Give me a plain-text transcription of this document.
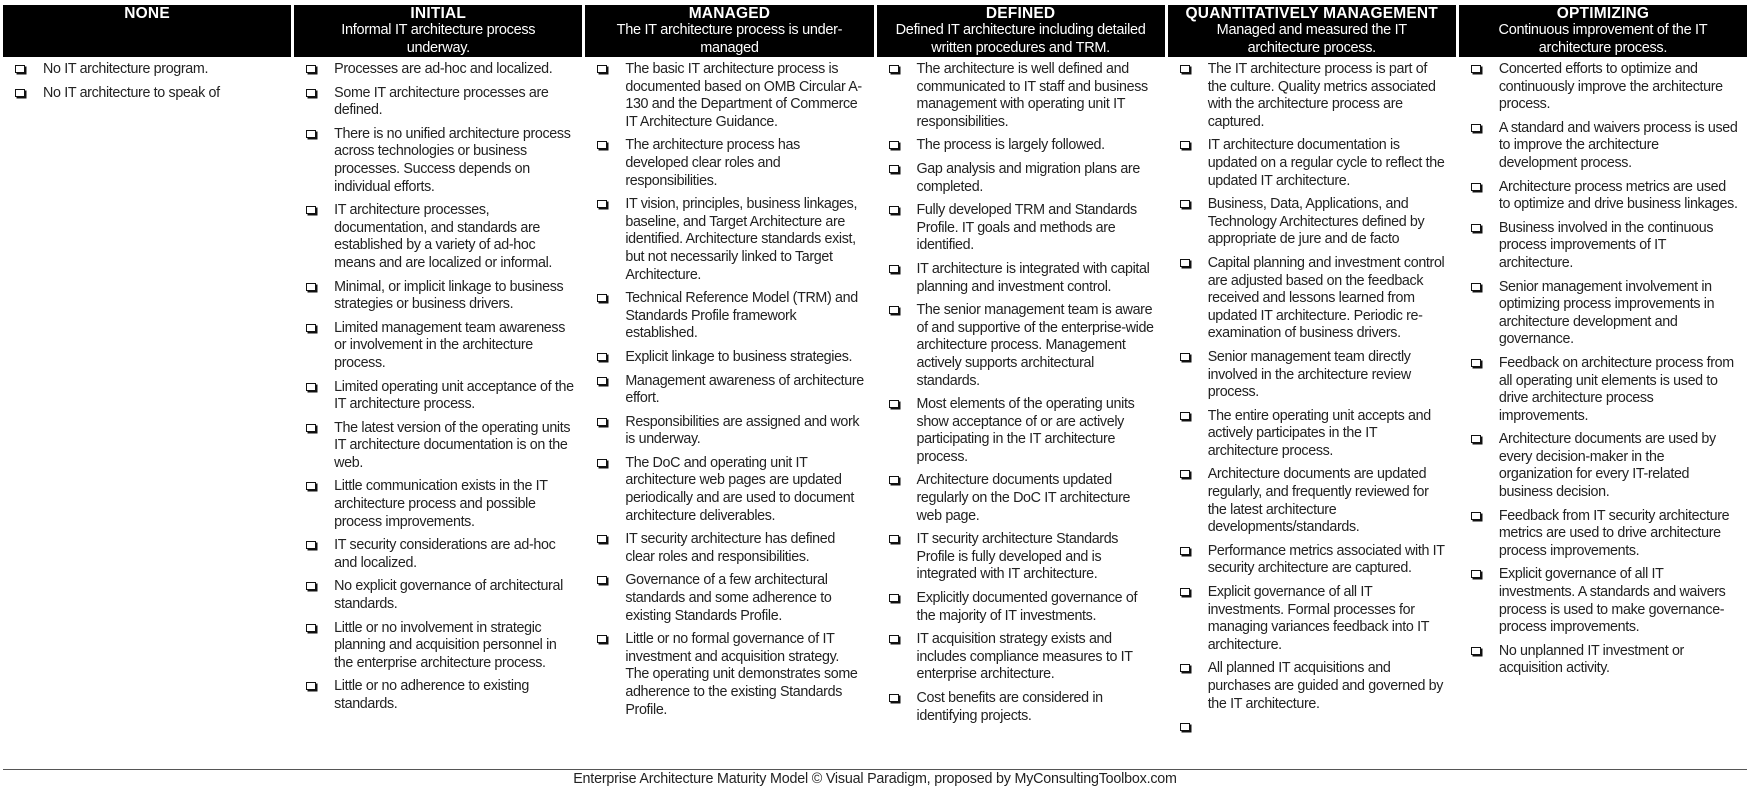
NONE
No IT architecture program.
No IT architecture to speak of
INITIAL
Informal IT architecture process underway.
Processes are ad-hoc and localized.
Some IT architecture processes are defined.
There is no unified architecture process across technologies or business processes. Success depends on individual efforts.
IT architecture processes, documentation, and standards are established by a variety of ad-hoc means and are localized or informal.
Minimal, or implicit linkage to business strategies or business drivers.
Limited management team awareness or involvement in the architecture process.
Limited operating unit acceptance of the IT architecture process.
The latest version of the operating units IT architecture documentation is on the web.
Little communication exists in the IT architecture process and possible process improvements.
IT security considerations are ad-hoc and localized.
No explicit governance of architectural standards.
Little or no involvement in strategic planning and acquisition personnel in the enterprise architecture process.
Little or no adherence to existing standards.
MANAGED
The IT architecture process is under-managed
The basic IT architecture process is documented based on OMB Circular A-130 and the Department of Commerce IT Architecture Guidance.
The architecture process has developed clear roles and responsibilities.
IT vision, principles, business linkages, baseline, and Target Architecture are identified. Architecture standards exist, but not necessarily linked to Target Architecture.
Technical Reference Model (TRM) and Standards Profile framework established.
Explicit linkage to business strategies.
Management awareness of architecture effort.
Responsibilities are assigned and work is underway.
The DoC and operating unit IT architecture web pages are updated periodically and are used to document architecture deliverables.
IT security architecture has defined clear roles and responsibilities.
Governance of a few architectural standards and some adherence to existing Standards Profile.
Little or no formal governance of IT investment and acquisition strategy. The operating unit demonstrates some adherence to the existing Standards Profile.
DEFINED
Defined IT architecture including detailed written procedures and TRM.
The architecture is well defined and communicated to IT staff and business management with operating unit IT responsibilities.
The process is largely followed.
Gap analysis and migration plans are completed.
Fully developed TRM and Standards Profile. IT goals and methods are identified.
IT architecture is integrated with capital planning and investment control.
The senior management team is aware of and supportive of the enterprise-wide architecture process. Management actively supports architectural standards.
Most elements of the operating units show acceptance of or are actively participating in the IT architecture process.
Architecture documents updated regularly on the DoC IT architecture web page.
IT security architecture Standards Profile is fully developed and is integrated with IT architecture.
Explicitly documented governance of the majority of IT investments.
IT acquisition strategy exists and includes compliance measures to IT enterprise architecture.
Cost benefits are considered in identifying projects.
QUANTITATIVELY MANAGEMENT
Managed and measured the IT architecture process.
The IT architecture process is part of the culture. Quality metrics associated with the architecture process are captured.
IT architecture documentation is updated on a regular cycle to reflect the updated IT architecture.
Business, Data, Applications, and Technology Architectures defined by appropriate de jure and de facto
Capital planning and investment control are adjusted based on the feedback received and lessons learned from updated IT architecture. Periodic re-examination of business drivers.
Senior management team directly involved in the architecture review process.
The entire operating unit accepts and actively participates in the IT architecture process.
Architecture documents are updated regularly, and frequently reviewed for the latest architecture developments/standards.
Performance metrics associated with IT security architecture are captured.
Explicit governance of all IT investments. Formal processes for managing variances feedback into IT architecture.
All planned IT acquisitions and purchases are guided and governed by the IT architecture.
OPTIMIZING
Continuous improvement of the IT architecture process.
Concerted efforts to optimize and continuously improve the architecture process.
A standard and waivers process is used to improve the architecture development process.
Architecture process metrics are used to optimize and drive business linkages.
Business involved in the continuous process improvements of IT architecture.
Senior management involvement in optimizing process improvements in architecture development and governance.
Feedback on architecture process from all operating unit elements is used to drive architecture process improvements.
Architecture documents are used by every decision-maker in the organization for every IT-related business decision.
Feedback from IT security architecture metrics are used to drive architecture process improvements.
Explicit governance of all IT investments. A standards and waivers process is used to make governance-process improvements.
No unplanned IT investment or acquisition activity.
Enterprise Architecture Maturity Model © Visual Paradigm, proposed by MyConsultingToolbox.com
